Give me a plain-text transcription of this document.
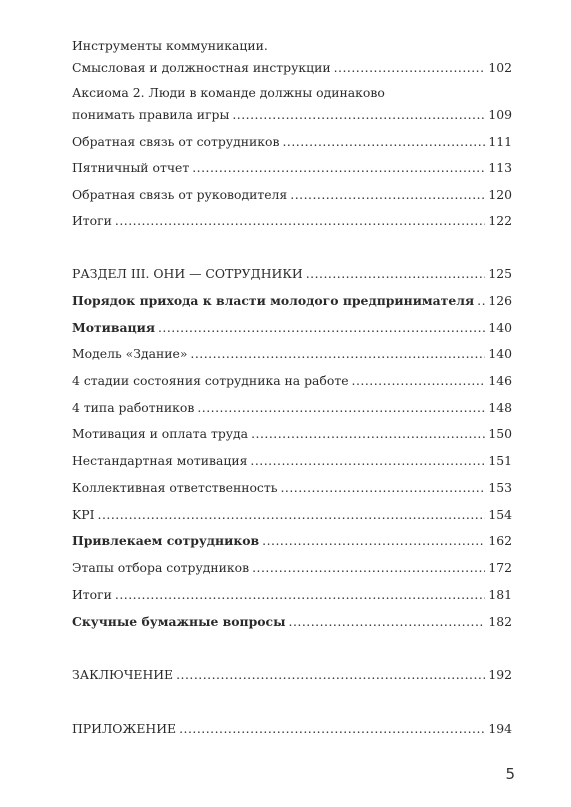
Инструменты коммуникации.
Смысловая и должностная инструкции .....	102
Аксиома 2. Люди в команде должны одинаково
понимать правила игры .....	109
Обратная связь от сотрудников .....	111
Пятничный отчет .....	113
Обратная связь от руководителя .....	120
Итоги .....	122
РАЗДЕЛ III. ОНИ — СОТРУДНИКИ .....	125
Порядок прихода к власти молодого предпринимателя ..... 126
Мотивация .....	140
Модель «Здание» .....	140
4 стадии состояния сотрудника на работе .....	146
4 типа работников .....	148
Мотивация и оплата труда .....	150
Нестандартная мотивация .....	151
Коллективная ответственность .....	153
KPI .....	154
Привлекаем сотрудников .....	162
Этапы отбора сотрудников .....	172
Итоги .....	181
Скучные бумажные вопросы .....	182
ЗАКЛЮЧЕНИЕ .....	192
ПРИЛОЖЕНИЕ .....	194
5
